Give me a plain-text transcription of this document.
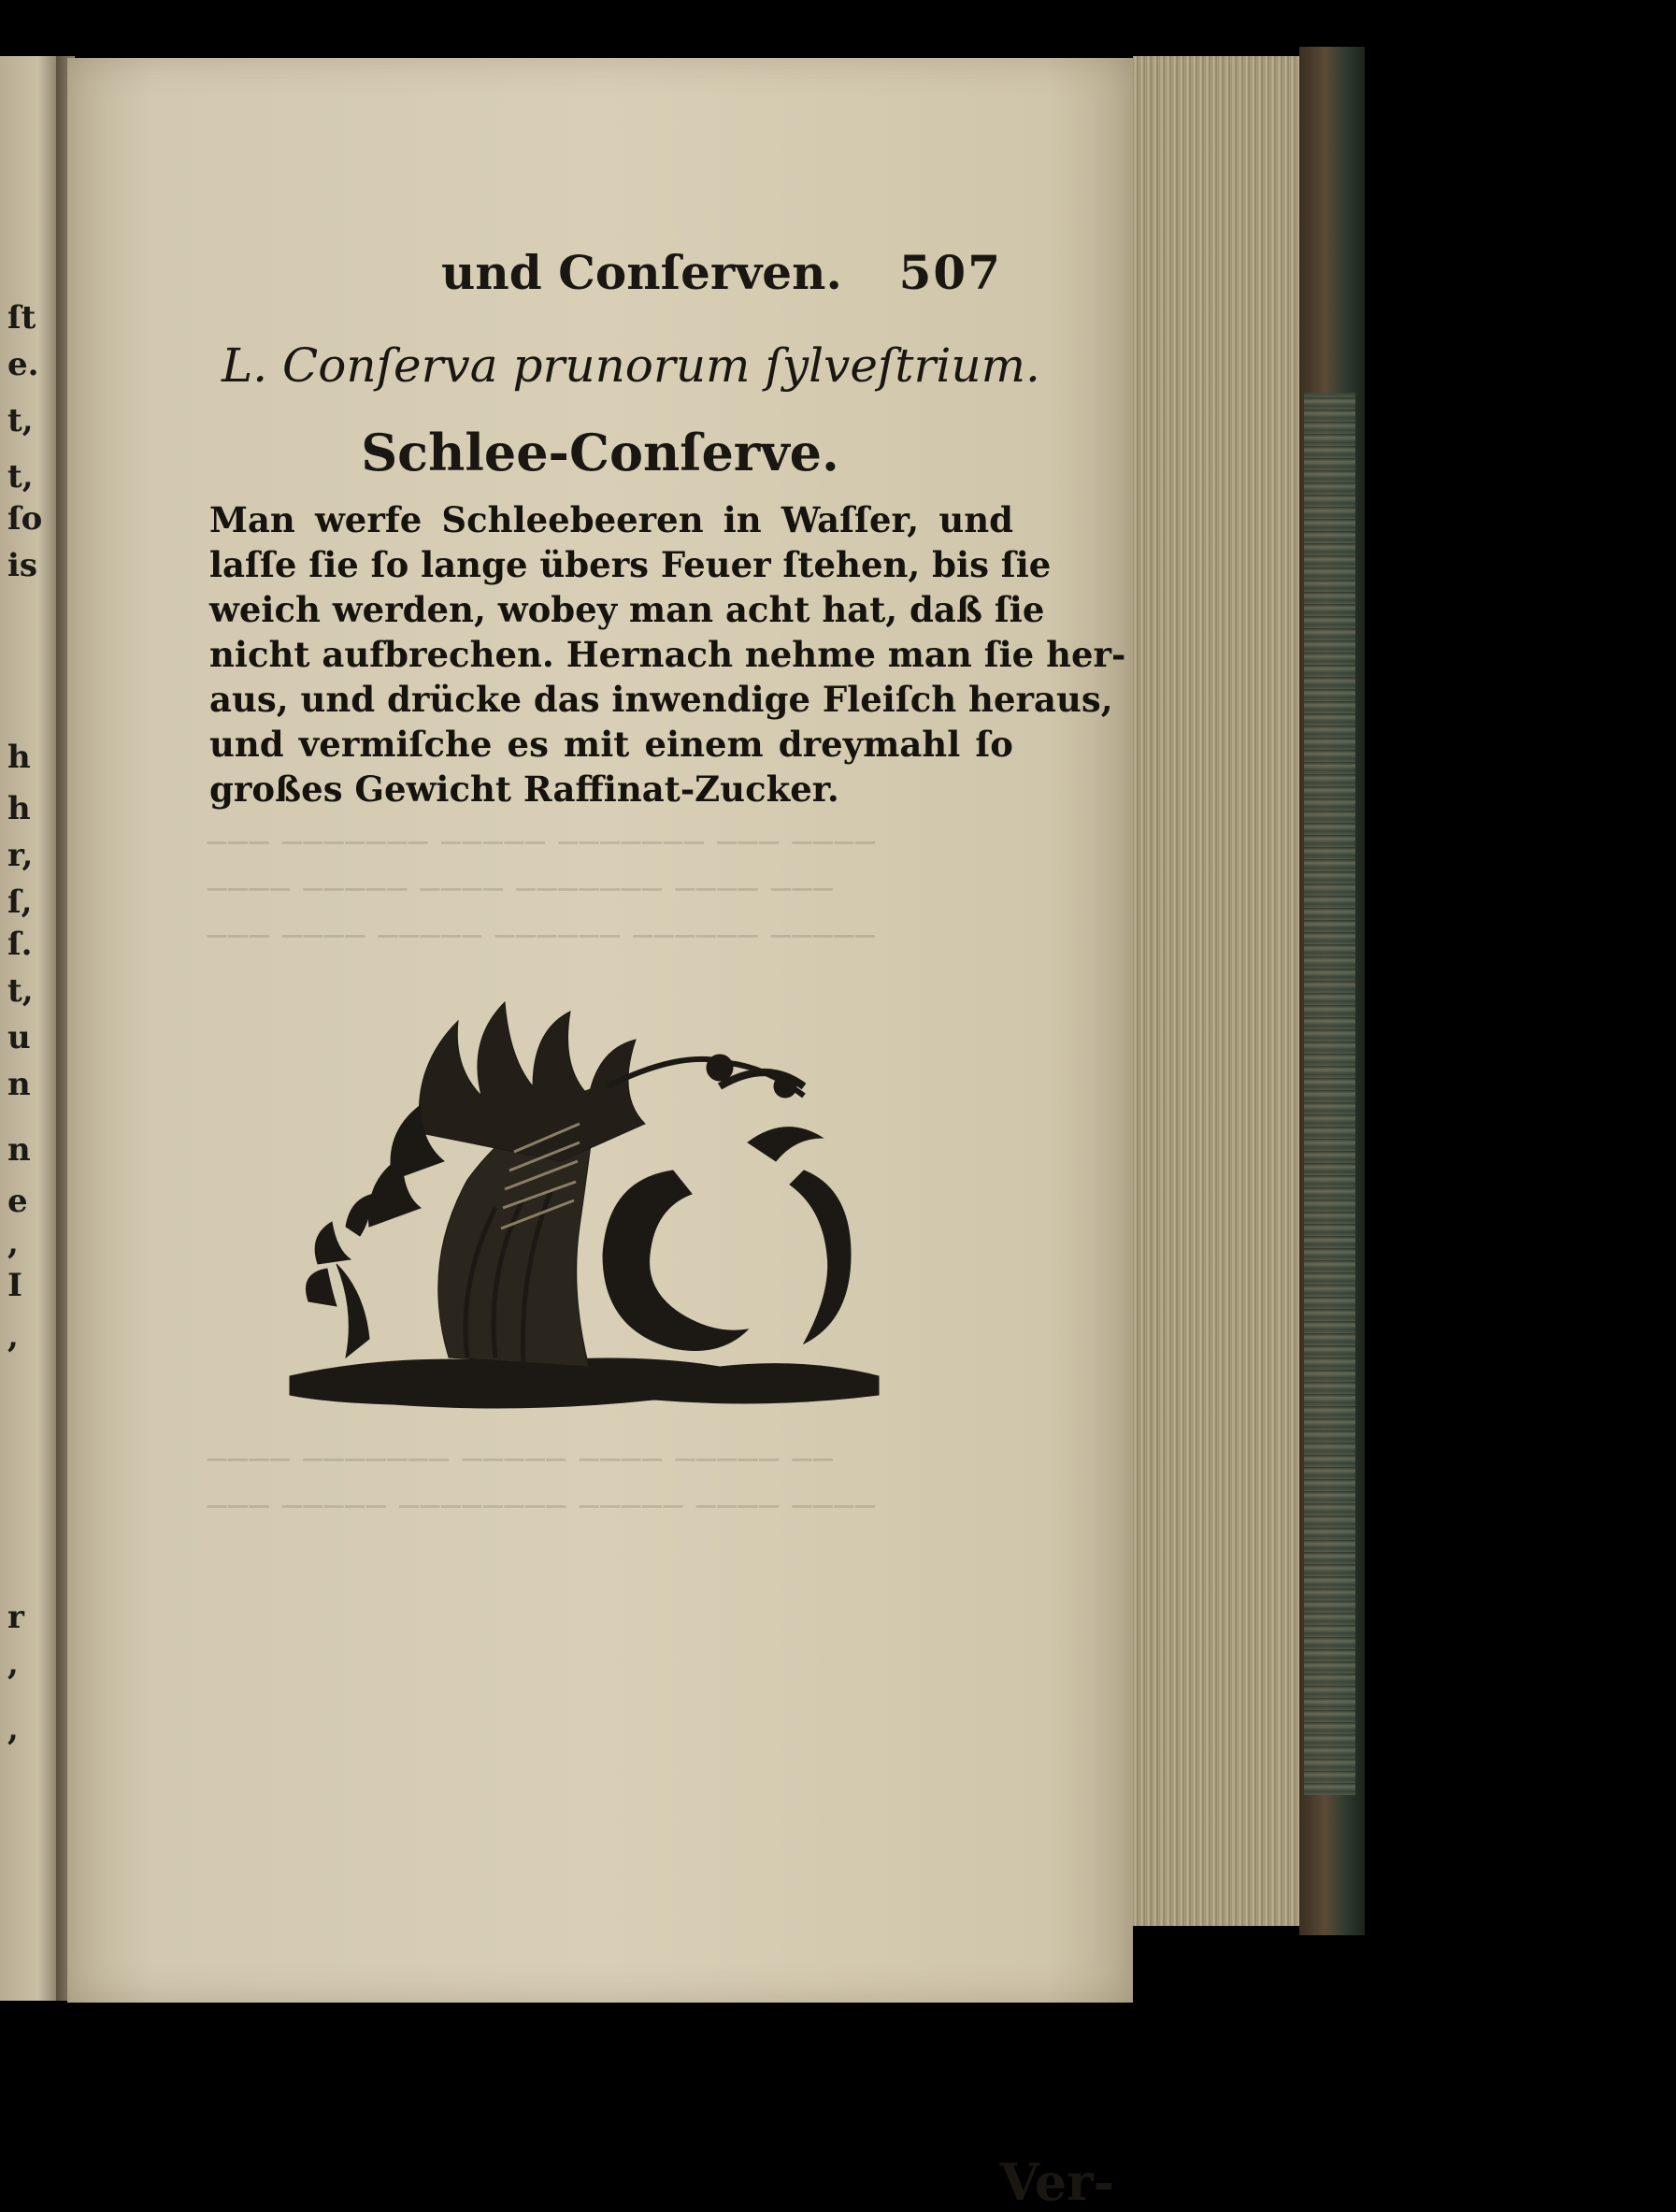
ſt
e.
t,
t,
ſo
is
h
h
r,
ſ,
ſ.
t,
u
n
n
e
,
I
,
r
,
,
─── ─────── ───── ─────── ─── ────
──── ───── ──── ─────── ──── ───
─── ──── ───── ────── ────── ─────
──── ─────── ───── ──── ───── ──
─── ───── ──────── ───── ──── ────
und Conſerven. 507
L. Conſerva prunorum ſylveſtrium.
Schlee-Conſerve.
Man werfe Schleebeeren in Waſſer, und
laſſe ſie ſo lange übers Feuer ſtehen, bis ſie
weich werden, wobey man acht hat, daß ſie
nicht aufbrechen. Hernach nehme man ſie her-
aus, und drücke das inwendige Fleiſch heraus,
und vermiſche es mit einem dreymahl ſo
großes Gewicht Raffinat-Zucker.
Ver-
